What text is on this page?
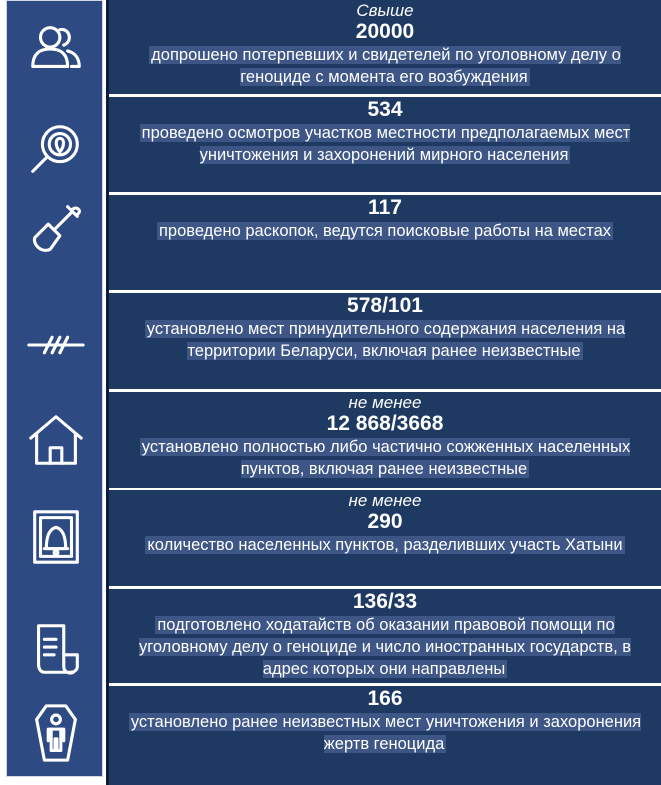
Свыше
20000
допрошено потерпевших и свидетелей по уголовному делу о геноциде с момента его возбуждения
534
проведено осмотров участков местности предполагаемых мест уничтожения и захоронений мирного населения
117
проведено раскопок, ведутся поисковые работы на местах
578/101
установлено мест принудительного содержания населения на территории Беларуси, включая ранее неизвестные
не менее
12 868/3668
установлено полностью либо частично сожженных населенных пунктов, включая ранее неизвестные
не менее
290
количество населенных пунктов, разделивших участь Хатыни
136/33
подготовлено ходатайств об оказании правовой помощи по уголовному делу о геноциде и число иностранных государств, в адрес которых они направлены
166
установлено ранее неизвестных мест уничтожения и захоронения жертв геноцида
